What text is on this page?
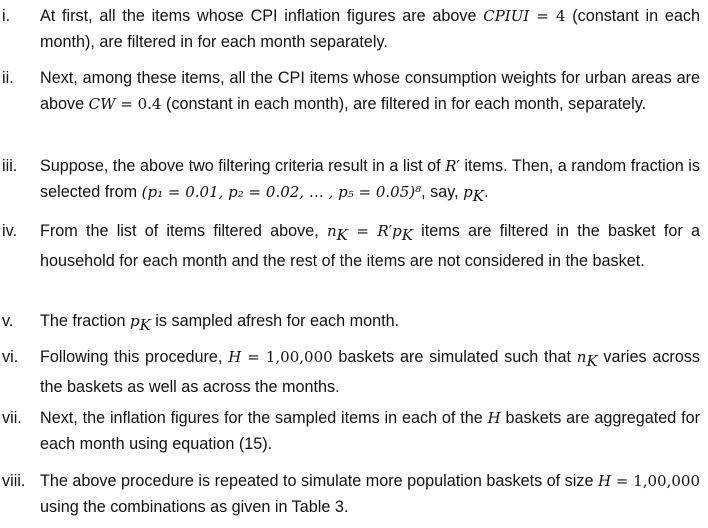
i. At first, all the items whose CPI inflation figures are above CPIUI = 4 (constant in each month), are filtered in for each month separately.
ii. Next, among these items, all the CPI items whose consumption weights for urban areas are above CW = 0.4 (constant in each month), are filtered in for each month, separately.
iii. Suppose, the above two filtering criteria result in a list of R′ items. Then, a random fraction is selected from (p₁ = 0.01, p₂ = 0.02, … , p₅ = 0.05)⁸, say, $p_K$.
iv. From the list of items filtered above, $n_K = R'p_K$ items are filtered in the basket for a household for each month and the rest of the items are not considered in the basket.
v. The fraction $p_K$ is sampled afresh for each month.
vi. Following this procedure, H = 1,00,000 baskets are simulated such that $n_K$ varies across the baskets as well as across the months.
vii. Next, the inflation figures for the sampled items in each of the H baskets are aggregated for each month using equation (15).
viii. The above procedure is repeated to simulate more population baskets of size H = 1,00,000 using the combinations as given in Table 3.
